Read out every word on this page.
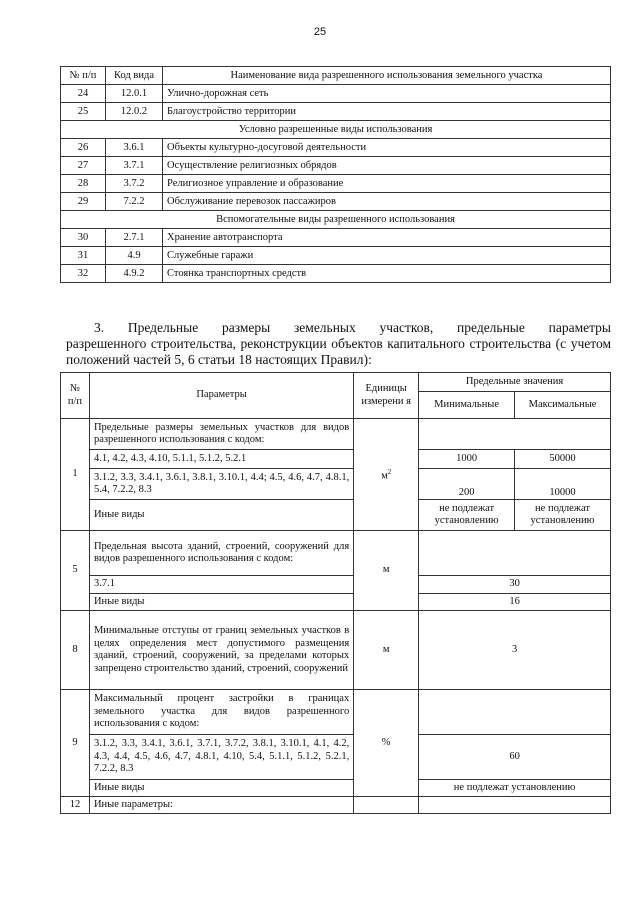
25
№ п/п	Код вида	Наименование вида разрешенного использования земельного участка
24	12.0.1	Улично-дорожная сеть
25	12.0.2	Благоустройство территории
Условно разрешенные виды использования		
26	3.6.1	Объекты культурно-досуговой деятельности
27	3.7.1	Осуществление религиозных обрядов
28	3.7.2	Религиозное управление и образование
29	7.2.2	Обслуживание перевозок пассажиров
Вспомогательные виды разрешенного использования		
30	2.7.1	Хранение автотранспорта
31	4.9	Служебные гаражи
32	4.9.2	Стоянка транспортных средств
3. Предельные размеры земельных участков, предельные параметры
разрешенного строительства, реконструкции объектов капитального строительства (с учетом положений частей 5, 6 статьи 18 настоящих Правил):
№ п/п	Параметры	Единицы измерени я	Предельные значения	
			Минимальные	Максимальные
1	Предельные размеры земельных участков для видов разрешенного использования с кодом:	$м^2$	
	4.1, 4.2, 4.3, 4.10, 5.1.1, 5.1.2, 5.2.1		1000	50000
	3.1.2, 3.3, 3.4.1, 3.6.1, 3.8.1, 3.10.1, 4.4; 4.5, 4.6, 4.7, 4.8.1, 5.4, 7.2.2, 8.3		200	10000
	Иные виды		не подлежат установлению	не подлежат установлению
5	Предельная высота зданий, строений, сооружений для видов разрешенного использования с кодом:	м		
	3.7.1		30	
	Иные виды		16	
8	Минимальные отступы от границ земельных участков в целях определения мест допустимого размещения зданий, строений, сооружений, за пределами которых запрещено строительство зданий, строений, сооружений	м	3	
9	Максимальный процент застройки в границах земельного участка для видов разрешенного использования с кодом:	%		
	3.1.2, 3.3, 3.4.1, 3.6.1, 3.7.1, 3.7.2, 3.8.1, 3.10.1, 4.1, 4.2, 4.3, 4.4, 4.5, 4.6, 4.7, 4.8.1, 4.10, 5.4, 5.1.1, 5.1.2, 5.2.1, 7.2.2, 8.3		60	
	Иные виды		не подлежат установлению	
12	Иные параметры:			
